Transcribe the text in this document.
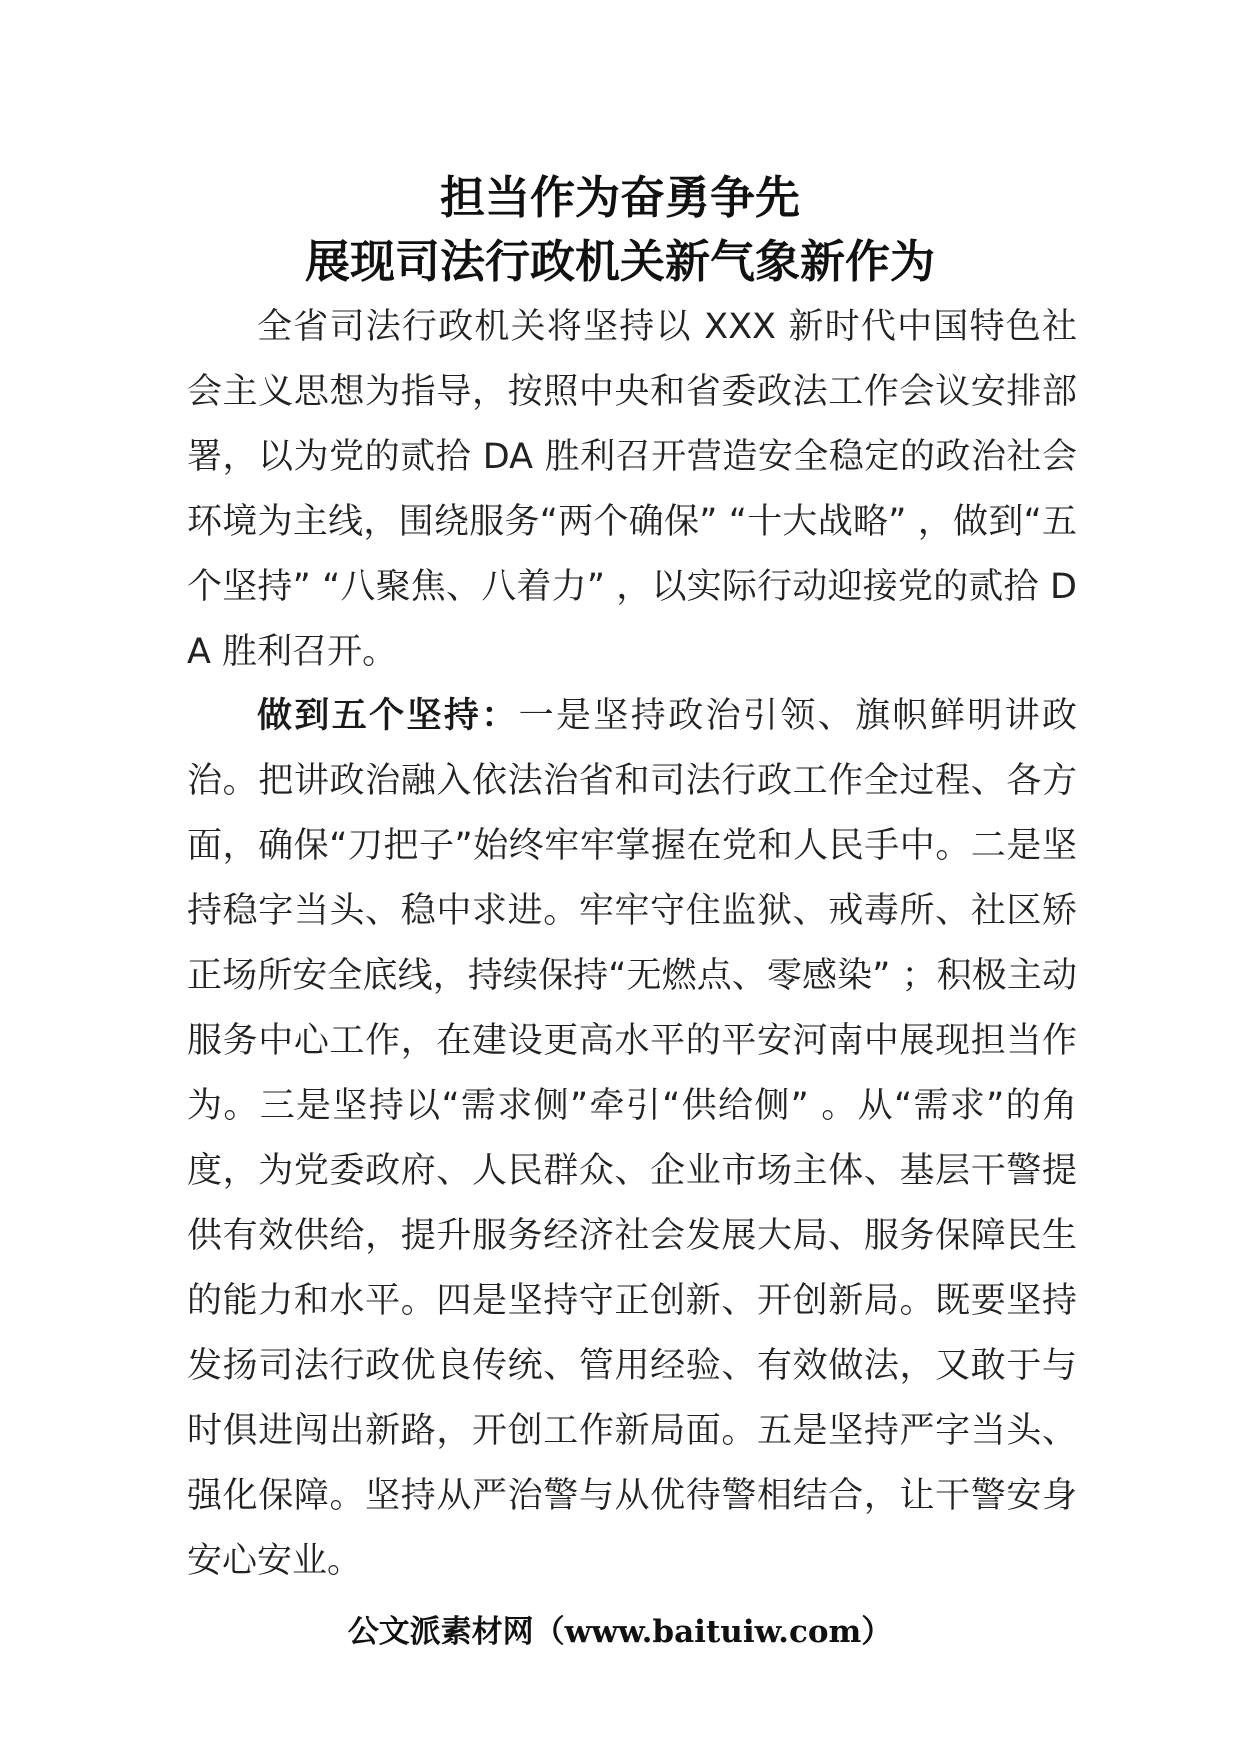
担当作为奋勇争先
展现司法行政机关新气象新作为

全省司法行政机关将坚持以 XXX 新时代中国特色社会主义思想为指导，按照中央和省委政法工作会议安排部署，以为党的贰拾 DA 胜利召开营造安全稳定的政治社会环境为主线，围绕服务“两个确保” “十大战略” ，做到“五个坚持” “八聚焦、八着力” ，以实际行动迎接党的贰拾 DA 胜利召开。

做到五个坚持：一是坚持政治引领、旗帜鲜明讲政治。把讲政治融入依法治省和司法行政工作全过程、各方面，确保“刀把子”始终牢牢掌握在党和人民手中。二是坚持稳字当头、稳中求进。牢牢守住监狱、戒毒所、社区矫正场所安全底线，持续保持“无燃点、零感染” ；积极主动服务中心工作，在建设更高水平的平安河南中展现担当作为。三是坚持以“需求侧”牵引“供给侧” 。从“需求”的角度，为党委政府、人民群众、企业市场主体、基层干警提供有效供给，提升服务经济社会发展大局、服务保障民生的能力和水平。四是坚持守正创新、开创新局。既要坚持发扬司法行政优良传统、管用经验、有效做法，又敢于与时俱进闯出新路，开创工作新局面。五是坚持严字当头、强化保障。坚持从严治警与从优待警相结合，让干警安身安心安业。

公文派素材网（www.baituiw.com）
